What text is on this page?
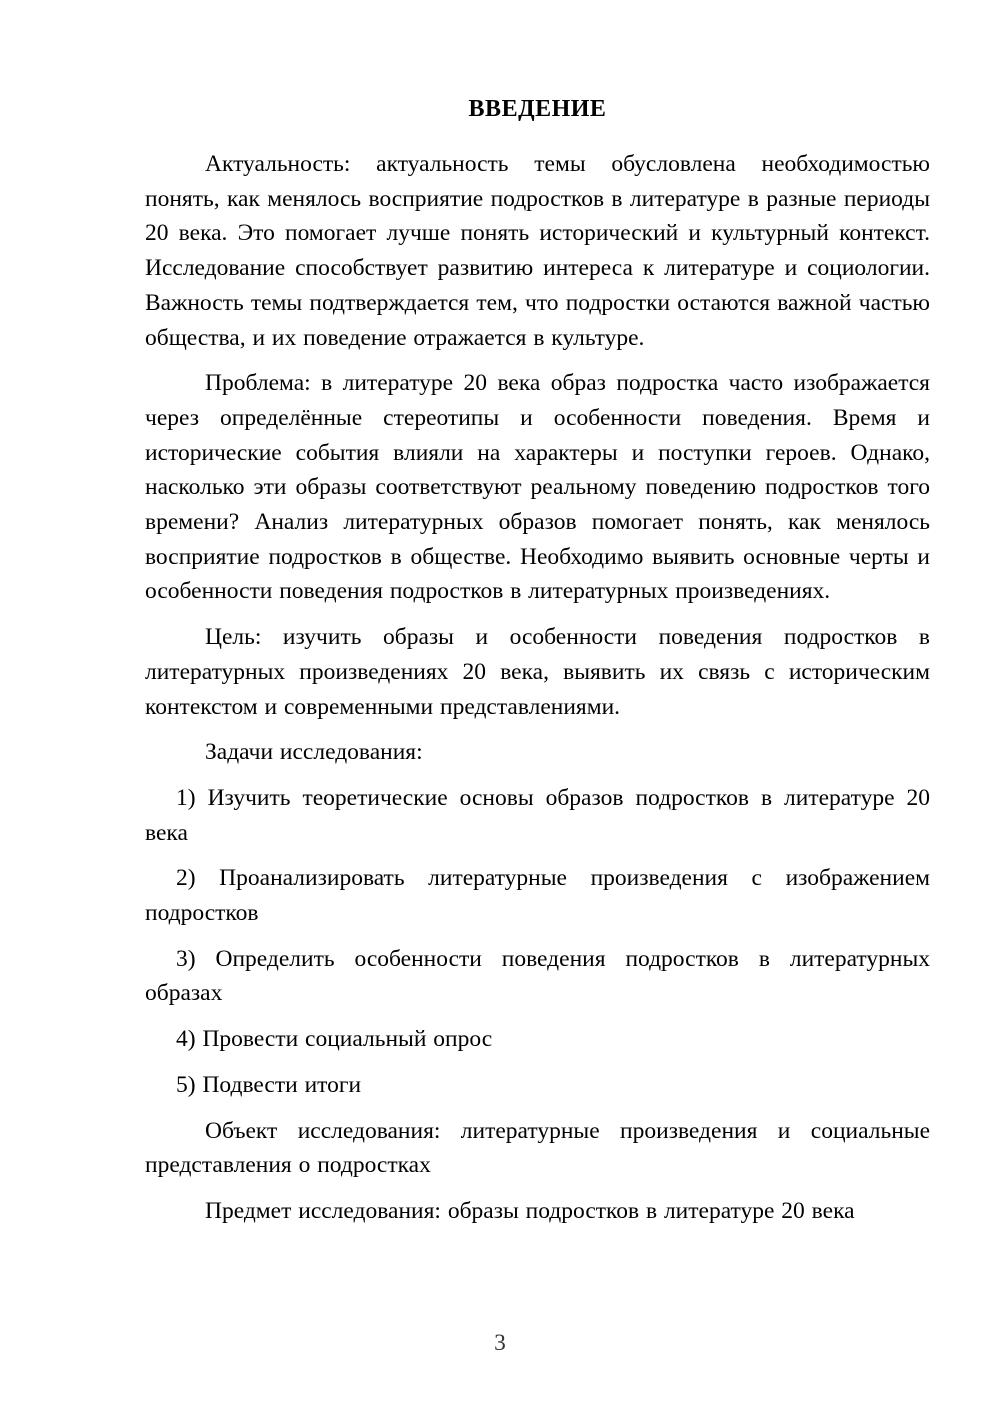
ВВЕДЕНИЕ

Актуальность: актуальность темы обусловлена необходимостью понять, как менялось восприятие подростков в литературе в разные периоды 20 века. Это помогает лучше понять исторический и культурный контекст. Исследование способствует развитию интереса к литературе и социологии. Важность темы подтверждается тем, что подростки остаются важной частью общества, и их поведение отражается в культуре.

Проблема: в литературе 20 века образ подростка часто изображается через определённые стереотипы и особенности поведения. Время и исторические события влияли на характеры и поступки героев. Однако, насколько эти образы соответствуют реальному поведению подростков того времени? Анализ литературных образов помогает понять, как менялось восприятие подростков в обществе. Необходимо выявить основные черты и особенности поведения подростков в литературных произведениях.

Цель: изучить образы и особенности поведения подростков в литературных произведениях 20 века, выявить их связь с историческим контекстом и современными представлениями.

Задачи исследования:

1) Изучить теоретические основы образов подростков в литературе 20 века

2) Проанализировать литературные произведения с изображением подростков

3) Определить особенности поведения подростков в литературных образах

4) Провести социальный опрос

5) Подвести итоги

Объект исследования: литературные произведения и социальные представления о подростках

Предмет исследования: образы подростков в литературе 20 века

3
